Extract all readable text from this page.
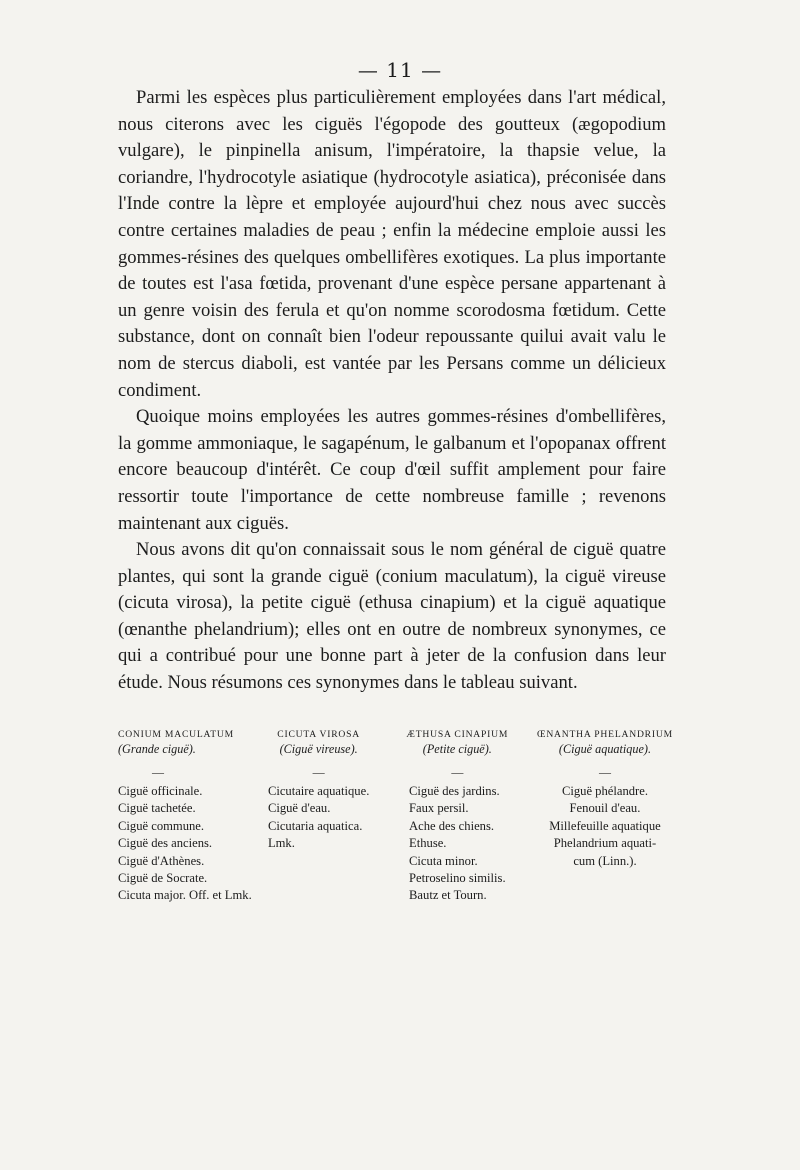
— 11 —

Parmi les espèces plus particulièrement employées dans l'art médical, nous citerons avec les ciguës l'égopode des goutteux (ægopodium vulgare), le pinpinella anisum, l'impératoire, la thapsie velue, la coriandre, l'hydrocotyle asiatique (hydrocotyle asiatica), préconisée dans l'Inde contre la lèpre et employée aujourd'hui chez nous avec succès contre certaines maladies de peau ; enfin la médecine emploie aussi les gommes-résines des quelques ombellifères exotiques. La plus importante de toutes est l'asa fœtida, provenant d'une espèce persane appartenant à un genre voisin des ferula et qu'on nomme scorodosma fœtidum. Cette substance, dont on connaît bien l'odeur repoussante quilui avait valu le nom de stercus diaboli, est vantée par les Persans comme un délicieux condiment.

Quoique moins employées les autres gommes-résines d'ombellifères, la gomme ammoniaque, le sagapénum, le galbanum et l'opopanax offrent encore beaucoup d'intérêt. Ce coup d'œil suffit amplement pour faire ressortir toute l'importance de cette nombreuse famille ; revenons maintenant aux ciguës.

Nous avons dit qu'on connaissait sous le nom général de ciguë quatre plantes, qui sont la grande ciguë (conium maculatum), la ciguë vireuse (cicuta virosa), la petite ciguë (ethusa cinapium) et la ciguë aquatique (œnanthe phelandrium); elles ont en outre de nombreux synonymes, ce qui a contribué pour une bonne part à jeter de la confusion dans leur étude. Nous résumons ces synonymes dans le tableau suivant.

CONIUM MACULATUM
(Grande ciguë).
—
Ciguë officinale.
Ciguë tachetée.
Ciguë commune.
Ciguë des anciens.
Ciguë d'Athènes.
Ciguë de Socrate.
Cicuta major. Off. et Lmk.
CICUTA VIROSA
(Ciguë vireuse).
—
Cicutaire aquatique.
Ciguë d'eau.
Cicutaria aquatica.
Lmk.
ÆTHUSA CINAPIUM
(Petite ciguë).
—
Ciguë des jardins.
Faux persil.
Ache des chiens.
Ethuse.
Cicuta minor.
Petroselino similis.
Bautz et Tourn.
ŒNANTHA PHELANDRIUM
(Ciguë aquatique).
—
Ciguë phélandre.
Fenouil d'eau.
Millefeuille aquatique
Phelandrium aquati-
cum (Linn.).
